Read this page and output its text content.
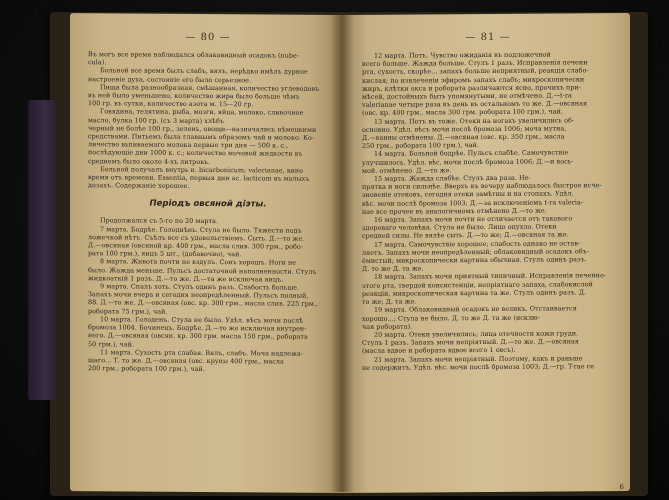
— 80 —
Въ могъ все время наблюдался облаковидный осадокъ (nube-
cula).
Больной все время былъ слабъ, вялъ, нерѣдко имѣлъ дурное
настроеніе духа, состояніе его было серьезное.
Пища была разнообразная, смѣшанная, количество углеводовъ
въ ней было уменьшено, количество жира было больше чѣмъ
100 гр. въ сутки, количество азота м. 15—20 гр.
Говядина, телятина, рыба, мозги, яйца, молоко, сливочное
масло, булка 100 гр. (съ 3 марта) хлѣбъ
черный не болѣе 100 гр., зелень, овощи—назначались нѣмецкими
средствами. Питьемъ была главнымъ образомъ чай и молоко. Ко-
личество вьпиваемаго молока первые три дня — 500 к. с.,
послѣдующіе дни 1000 к. с.; количество мочевой жидкости въ
среднемъ было около 4-хъ литровъ.
Больной получалъ внутрь н. bicarbonicum; valerianae, вино
время отъ времени. Essentia, первыя дни ас. lacticum въ малыхъ
дозахъ. Содержаніе хорошее.
Періодъ овсяной діэты.
Продолжался съ 5-го по 20 марта.
7 марта. Бодрѣе. Голоднѣнь. Стула не было. Тяжести подъ
ложечкой нѣтъ. Съѣлъ все съ удовольствіемъ. Сыть. Д.—то же.
Д.—овсяная (овсяной кр. 400 грм., масла слив. 300 грм., робо-
рата 100 грм.), яицъ 5 шт., (добавочно), чай.
8 марта. Живота почти не вздулъ. Сонъ хорошъ. Ноги не
было. Жажда меньше. Пульсъ достаточной наполненности. Стулъ
жидкоаткій 1 разъ. Д.—то же. Д.—та же исключая яицъ.
9 марта. Спалъ хоть. Стулъ одинъ разъ. Слабость больше.
Запахъ мочи вчера и сегодня неопредѣленный. Пульсъ полный,
88. Д.—то же. Д.—овсяная (овс. кр. 300 грм., масла слив. 225 грм.,
робората 75 грм.), чай.
10 марта. Голоденъ. Стула не было. Удѣл. вѣсъ мочи послѣ
бромоза 1004. Бочинецъ. Бодрѣе. Д.—то же исключая внутрен-
него. Д.—овсяная (овсян. кр. 300 грм. масла 150 грм., робората
50 грм.), чай.
11 марта. Сухость рта слабая. Вялъ, слабъ. Моча надлежа-
щаго... Т. то же. Д.—овсяная (овс. крупы 400 грм., масла
200 грм., робората 100 грм.), чай.
— 81 —
12 марта. Потъ. Чувство ожиданія въ подложечной
всего больше. Жажда больше. Стулъ 1 разъ. Исправленія печени
рта, сухость, скорѣе... запахъ больше неприятный, реакція слабо-
кислая; по извлеченіи эфиромъ запахъ слабъ; микроскопически
жиръ, клѣтки окса и робората различаются ясно, прочихъ при-
мѣсей, достойныхъ быть упомянутыми, не отмѣчено. Д.—t-ra
valerianae четыре раза въ день въ остальномъ то же. Д.—овсяная
(овс. кр. 400 грм., масла 300 грм. робората 100 грм.), чай.
13 марта. Потъ въ тоже. Отеки на ногахъ увеличились об-
основно. Удѣл. вѣсъ мочи послѣ бромоза 1006; моча мутна.
Д.—ванны отмѣнены. Д.—овсяная (овс. кр. 350 грм., масла
250 грм., робората 100 грм.), чай.
14 марта. Больной бодрѣе. Пульсъ слабѣе. Самочувствіе
улучшилось. Удѣл. вѣс. мочи послѣ бромоза 1006; Д.—и вось-
мой. отмѣнено. Д.—то же.
15 марта. Жажда слабѣе. Стулъ два раза. Не-
прятка и ноги сильнѣе. Вверхъ къ вечеру наблюдалось быстрое исче-
зновеніе отековъ, сегодня отеки замѣтны и на стопахъ. Удѣл.
вѣс. мочи послѣ бромоза 1003; Д.—за исключеніемъ t-ra valeria-
nae все прочее въ аналогичномъ отмѣнено Д.—то же.
16 марта. Запахъ мочи почти не отличается отъ такового
здороваго человѣка. Стула не было. Лицо опухло. Отеки
средней силы. Не вялѣе сыть. Д.—то же; Д.—овсяная та же.
17 марта. Самочувствіе хорошее; слабость однако не остав-
ляетъ. Запахъ мочи неопредѣленный; облаковидный осадокъ объ-
ёмистый; микроскопически картина обычная. Стулъ одинъ разъ.
Д. то же Д. та же.
18 марта. Запахъ мочи приятный типичный. Исправленія печенно-
этого рта, твердой консистенціи, непріятнаго запаха, слабокислой
реакціи, микроскопическая картина та же. Стулъ одинъ разъ. Д.
то же; Д. та же.
19 марта. Облаковидный осадокъ не великъ. Отстаивается
хорошо...; Стула не было. Д. то же Д. та же (исклю-
чая робората).
20 марта. Отеки увеличились; лица отечности кожи груди.
Стулъ 1 разъ. Запахъ мочи непріятный. Д.—то же. Д.—овсяная
(масла вдвое и робората вдвое всего 1 овсъ).
21 марта. Запахъ мочи непріятный. Поэтому, какъ и раньше
не содержитъ. Удѣл. вѣс. мочи послѣ бромоза 1003; Д.—гр. T-rae се
6
